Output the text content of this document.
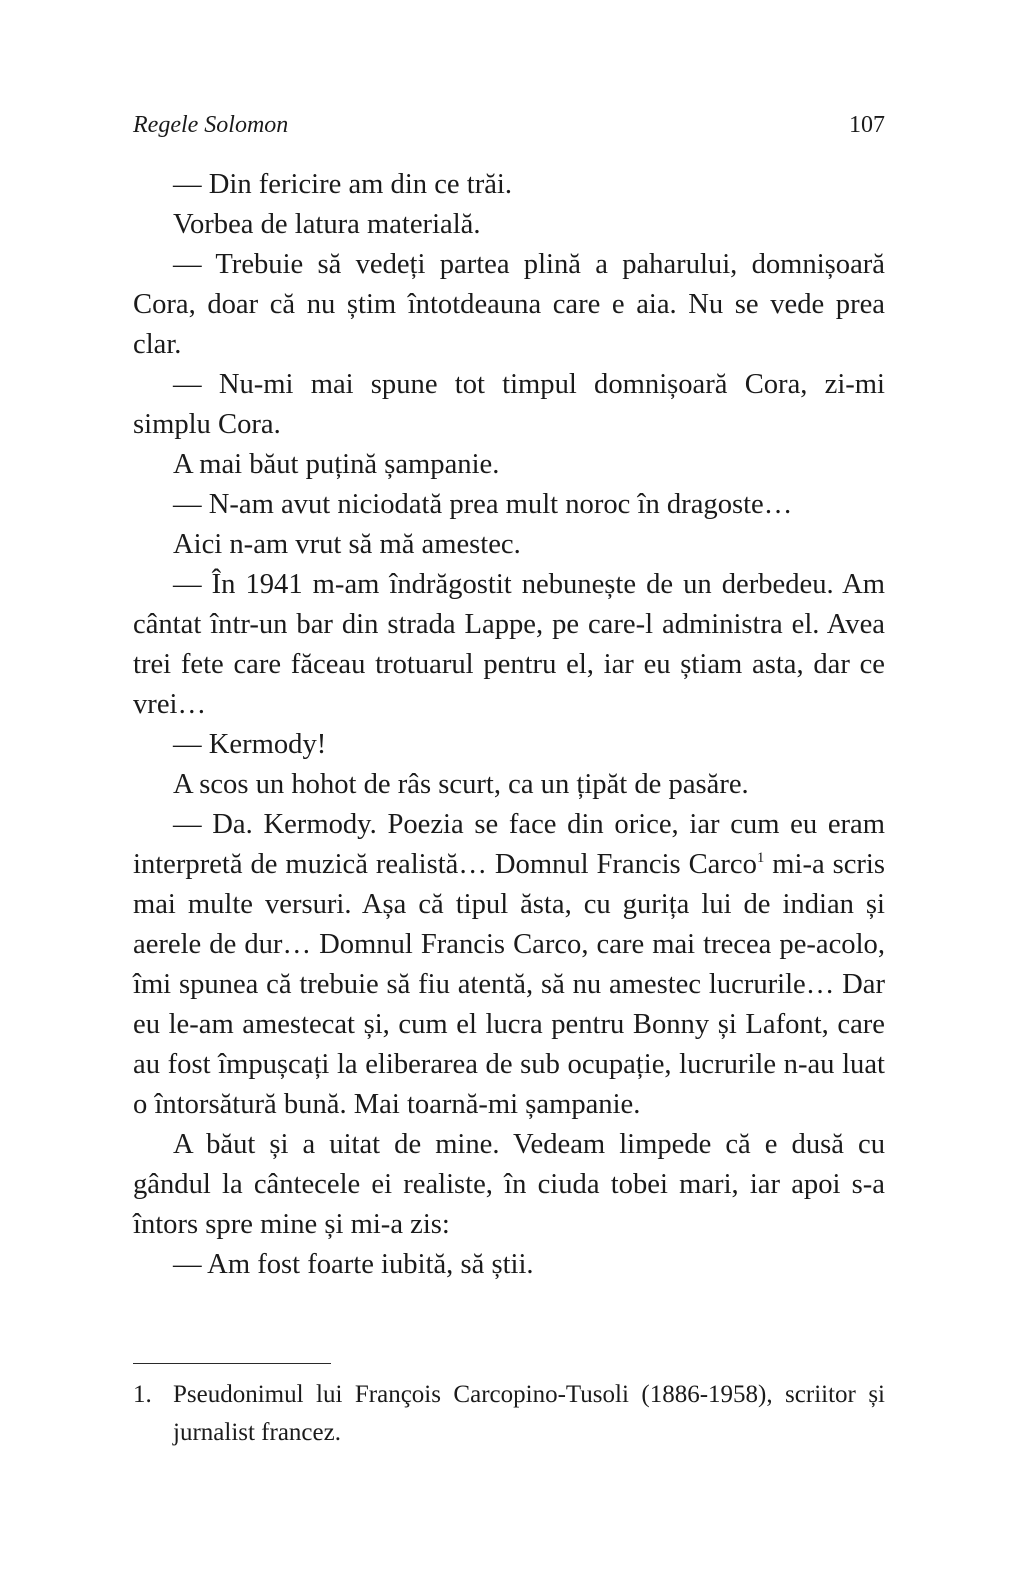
Regele Solomon	107

— Din fericire am din ce trăi.

Vorbea de latura materială.

— Trebuie să vedeți partea plină a paharului, domnișoară Cora, doar că nu știm întotdeauna care e aia. Nu se vede prea clar.

— Nu-mi mai spune tot timpul domnișoară Cora, zi-mi simplu Cora.

A mai băut puțină șampanie.

— N-am avut niciodată prea mult noroc în dragoste…

Aici n-am vrut să mă amestec.

— În 1941 m-am îndrăgostit nebunește de un derbedeu. Am cântat într-un bar din strada Lappe, pe care-l administra el. Avea trei fete care făceau trotuarul pentru el, iar eu știam asta, dar ce vrei…

— Kermody!

A scos un hohot de râs scurt, ca un țipăt de pasăre.

— Da. Kermody. Poezia se face din orice, iar cum eu eram interpretă de muzică realistă… Domnul Francis Carco$^1$ mi-a scris mai multe versuri. Așa că tipul ăsta, cu gurița lui de indian și aerele de dur… Domnul Francis Carco, care mai trecea pe-acolo, îmi spunea că trebuie să fiu atentă, să nu amestec lucrurile… Dar eu le-am amestecat și, cum el lucra pentru Bonny și Lafont, care au fost împușcați la eliberarea de sub ocupație, lucrurile n-au luat o întorsătură bună. Mai toarnă-mi șampanie.

A băut și a uitat de mine. Vedeam limpede că e dusă cu gândul la cântecele ei realiste, în ciuda tobei mari, iar apoi s-a întors spre mine și mi-a zis:

— Am fost foarte iubită, să știi.

1. Pseudonimul lui François Carcopino-Tusoli (1886-1958), scriitor și jurnalist francez.
